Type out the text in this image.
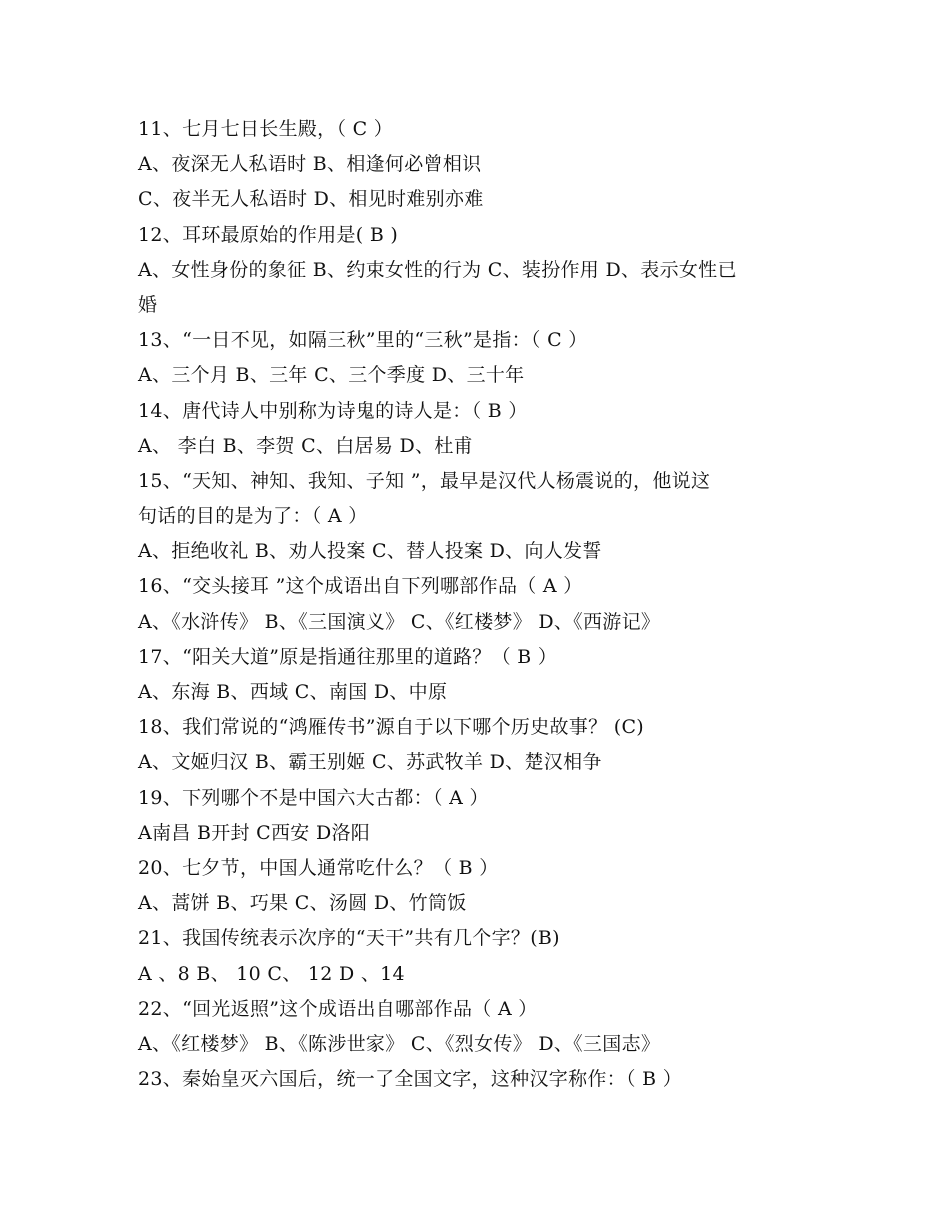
11、七月七日长生殿，（ C ）
A、夜深无人私语时 B、相逢何必曾相识
C、夜半无人私语时 D、相见时难别亦难
12、耳环最原始的作用是( B )
A、女性身份的象征 B、约束女性的行为 C、装扮作用 D、表示女性已
婚
13、“一日不见，如隔三秋”里的“三秋”是指：（ C ）
A、三个月 B、三年 C、三个季度 D、三十年
14、唐代诗人中别称为诗鬼的诗人是：（ B ）
A、 李白 B、李贺 C、白居易 D、杜甫
15、“天知、神知、我知、子知 ”，最早是汉代人杨震说的，他说这
句话的目的是为了：（ A ）
A、拒绝收礼 B、劝人投案 C、替人投案 D、向人发誓
16、“交头接耳 ”这个成语出自下列哪部作品（ A ）
A、《水浒传》 B、《三国演义》 C、《红楼梦》 D、《西游记》
17、“阳关大道”原是指通往那里的道路？（ B ）
A、东海 B、西域 C、南国 D、中原
18、我们常说的“鸿雁传书”源自于以下哪个历史故事？ (C)
A、文姬归汉 B、霸王别姬 C、苏武牧羊 D、楚汉相争
19、下列哪个不是中国六大古都：（ A ）
A南昌 B开封 C西安 D洛阳
20、七夕节，中国人通常吃什么？（ B ）
A、蒿饼 B、巧果 C、汤圆 D、竹筒饭
21、我国传统表示次序的“天干”共有几个字？(B)
A 、8 B、 10 C、 12 D 、14
22、“回光返照”这个成语出自哪部作品（ A ）
A、《红楼梦》 B、《陈涉世家》 C、《烈女传》 D、《三国志》
23、秦始皇灭六国后，统一了全国文字，这种汉字称作：（ B ）
